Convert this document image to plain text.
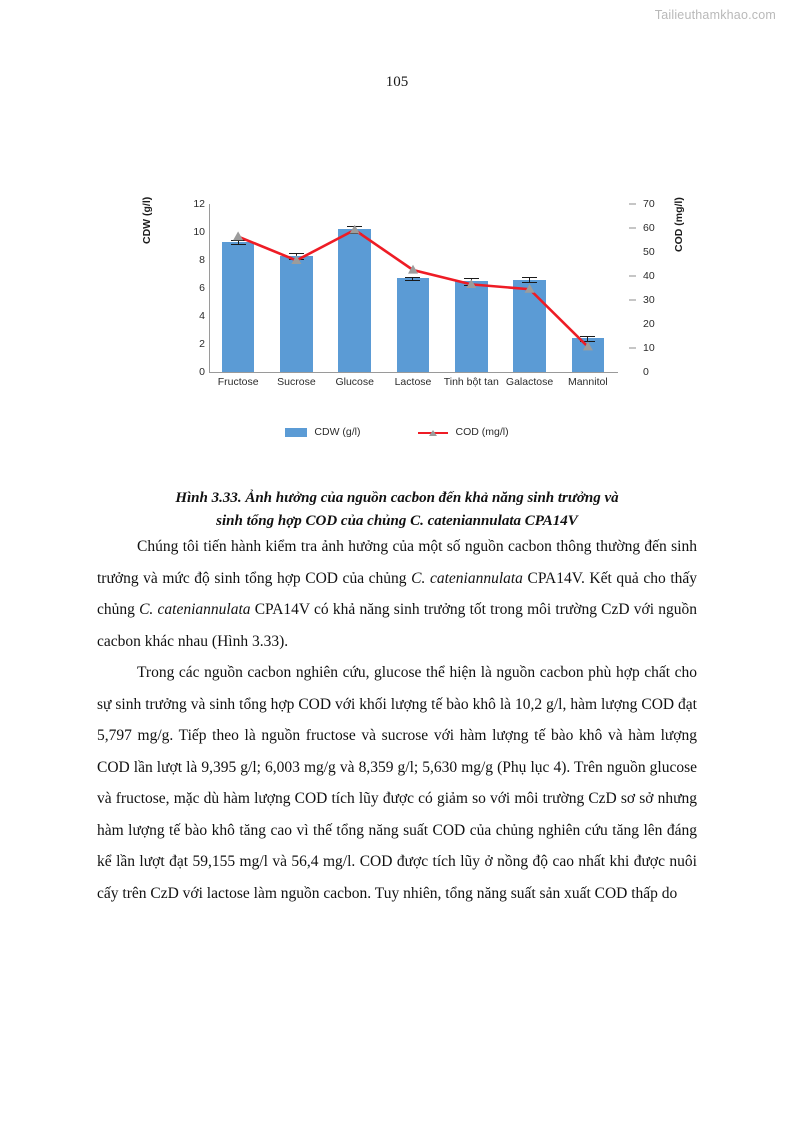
Tailieuthamkhao.com
105
0
2
4
6
8
10
12
CDW (g/l)
0
10
20
30
40
50
60
70 COD (mg/l)
Fructose	Sucrose	Glucose	Lactose	Tinh bột tan Galactose	Mannitol
CDW (g/l)	COD (mg/l)
Hình 3.33. Ảnh hưởng của nguồn cacbon đến khả năng sinh trưởng và
sinh tổng hợp COD của chủng C. cateniannulata CPA14V

Chúng tôi tiến hành kiểm tra ảnh hưởng của một số nguồn cacbon thông thường đến sinh trưởng và mức độ sinh tổng hợp COD của chủng C. cateniannulata CPA14V. Kết quả cho thấy chủng C. cateniannulata CPA14V có khả năng sinh trưởng tốt trong môi trường CzD với nguồn cacbon khác nhau (Hình 3.33).

Trong các nguồn cacbon nghiên cứu, glucose thể hiện là nguồn cacbon phù hợp chất cho sự sinh trưởng và sinh tổng hợp COD với khối lượng tế bào khô là 10,2 g/l, hàm lượng COD đạt 5,797 mg/g. Tiếp theo là nguồn fructose và sucrose với hàm lượng tế bào khô và hàm lượng COD lần lượt là 9,395 g/l; 6,003 mg/g và 8,359 g/l; 5,630 mg/g (Phụ lục 4). Trên nguồn glucose và fructose, mặc dù hàm lượng COD tích lũy được có giảm so với môi trường CzD sơ sở nhưng hàm lượng tế bào khô tăng cao vì thế tổng năng suất COD của chủng nghiên cứu tăng lên đáng kể lần lượt đạt 59,155 mg/l và 56,4 mg/l. COD được tích lũy ở nồng độ cao nhất khi được nuôi cấy trên CzD với lactose làm nguồn cacbon. Tuy nhiên, tổng năng suất sản xuất COD thấp do
